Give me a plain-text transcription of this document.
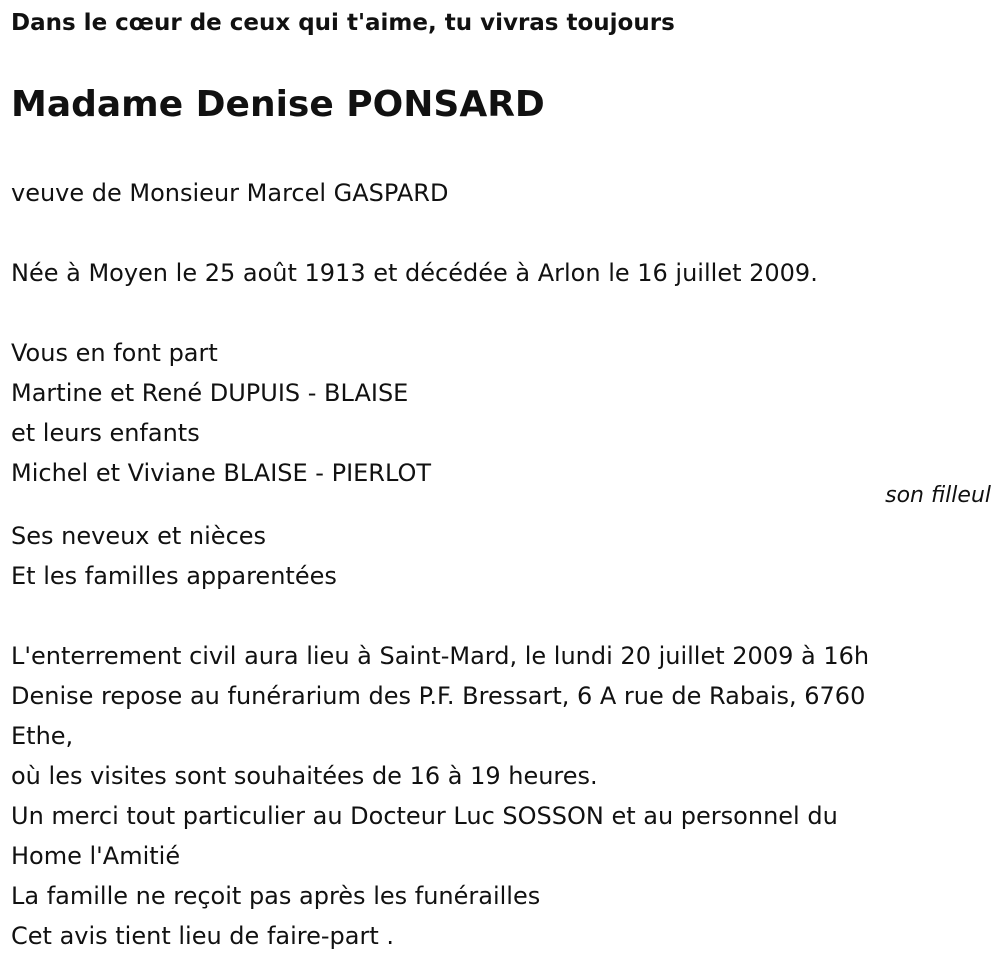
Dans le cœur de ceux qui t'aime, tu vivras toujours
Madame Denise PONSARD
veuve de Monsieur Marcel GASPARD
Née à Moyen le 25 août 1913 et décédée à Arlon le 16 juillet 2009.
Vous en font part
Martine et René DUPUIS - BLAISE
et leurs enfants
Michel et Viviane BLAISE - PIERLOT
son filleul
Ses neveux et nièces
Et les familles apparentées
L'enterrement civil aura lieu à Saint-Mard, le lundi 20 juillet 2009 à 16h
Denise repose au funérarium des P.F. Bressart, 6 A rue de Rabais, 6760
Ethe,
où les visites sont souhaitées de 16 à 19 heures.
Un merci tout particulier au Docteur Luc SOSSON et au personnel du
Home l'Amitié
La famille ne reçoit pas après les funérailles
Cet avis tient lieu de faire-part .
